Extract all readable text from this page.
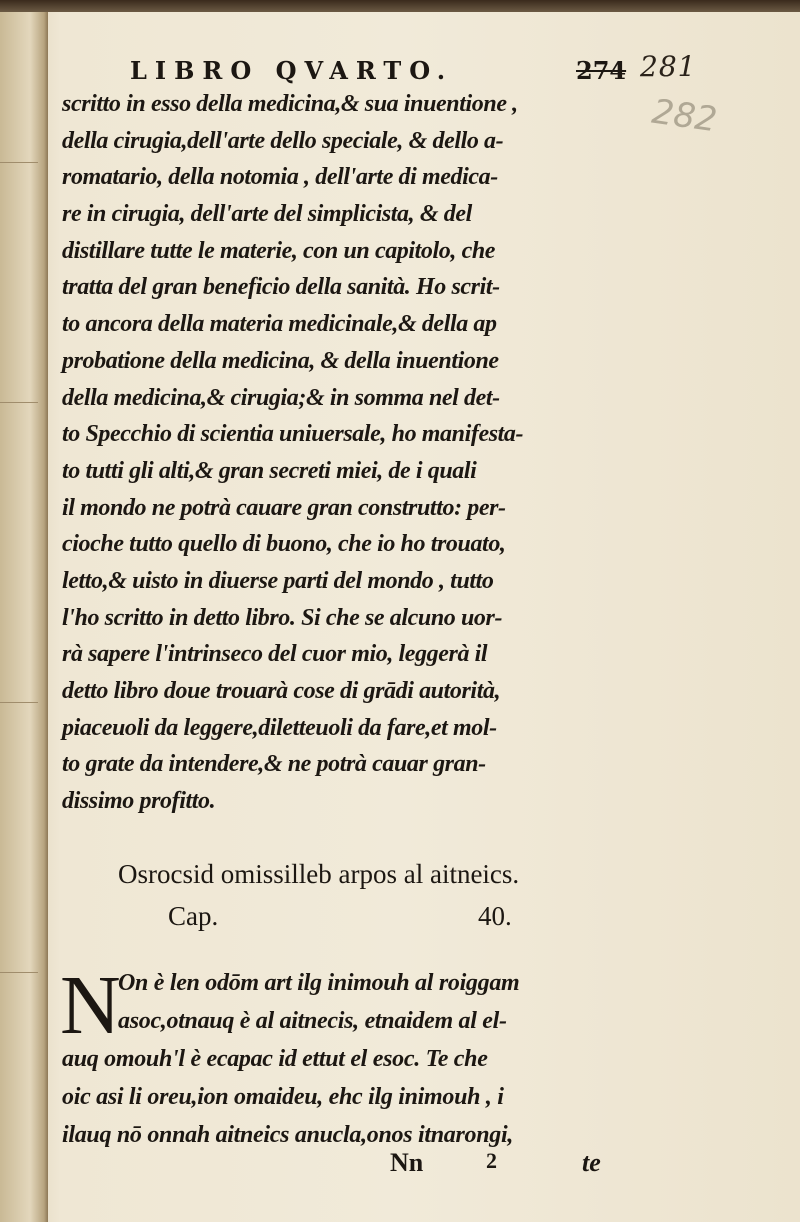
LIBRO QVARTO.	274 281
282
scritto in esso della medicina,& sua inuentione ,
della cirugia,dell'arte dello speciale, & dello a-
romatario, della notomia , dell'arte di medica-
re in cirugia, dell'arte del simplicista, & del
distillare tutte le materie, con un capitolo, che
tratta del gran beneficio della sanità. Ho scrit-
to ancora della materia medicinale,& della ap
probatione della medicina, & della inuentione
della medicina,& cirugia;& in somma nel det-
to Specchio di scientia uniuersale, ho manifesta-
to tutti gli alti,& gran secreti miei, de i quali
il mondo ne potrà cauare gran construtto: per-
cioche tutto quello di buono, che io ho trouato,
letto,& uisto in diuerse parti del mondo , tutto
l'ho scritto in detto libro. Si che se alcuno uor-
rà sapere l'intrinseco del cuor mio, leggerà il
detto libro doue trouarà cose di grādi autorità,
piaceuoli da leggere,diletteuoli da fare,et mol-
to grate da intendere,& ne potrà cauar gran-
dissimo profitto.
Osrocsid omissilleb arpos al aitneics.
Cap.	40.
N
On è len odōm art ilg inimouh al roiggam
asoc,otnauq è al aitnecis, etnaidem al el-
auq omouh'l è ecapac id ettut el esoc. Te che
oic asi li oreu,ion omaideu, ehc ilg inimouh , i
ilauq nō onnah aitneics anucla,onos itnarongi,
Nn	2	te
